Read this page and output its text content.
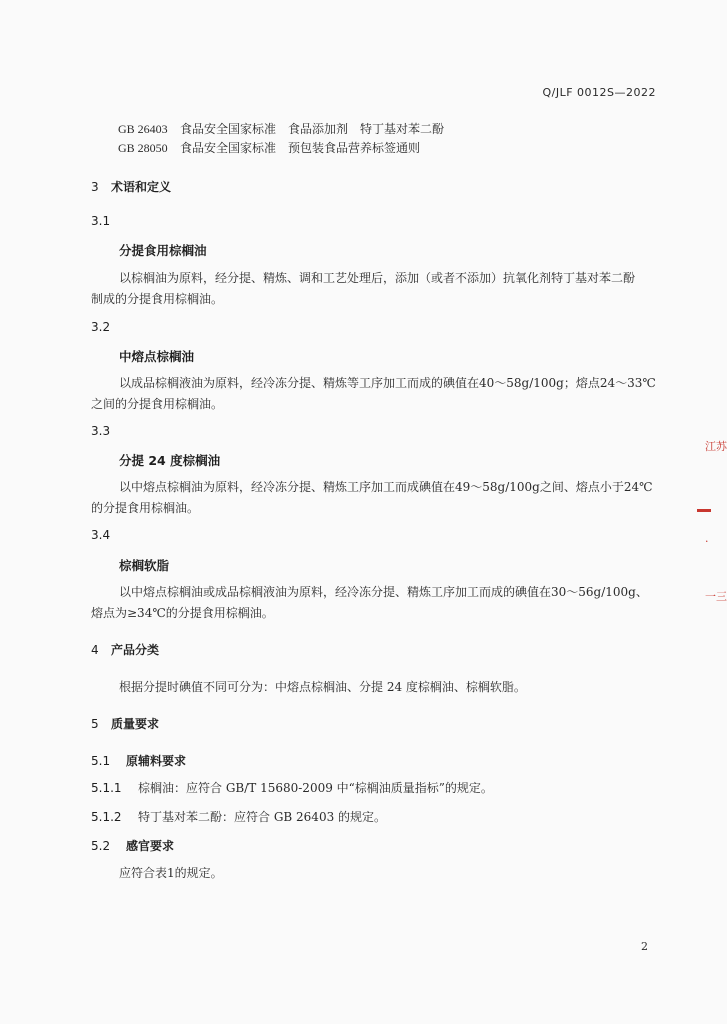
Q/JLF 0012S—2022
GB 26403 食品安全国家标准　食品添加剂　特丁基对苯二酚
GB 28050 食品安全国家标准　预包装食品营养标签通则
3 术语和定义
3.1
分提食用棕榈油
以棕榈油为原料，经分提、精炼、调和工艺处理后，添加（或者不添加）抗氧化剂特丁基对苯二酚
制成的分提食用棕榈油。
3.2
中熔点棕榈油
以成品棕榈液油为原料，经冷冻分提、精炼等工序加工而成的碘值在40～58g/100g；熔点24～33℃
之间的分提食用棕榈油。
3.3
分提 24 度棕榈油
以中熔点棕榈油为原料，经冷冻分提、精炼工序加工而成碘值在49～58g/100g之间、熔点小于24℃
的分提食用棕榈油。
3.4
棕榈软脂
以中熔点棕榈油或成品棕榈液油为原料，经冷冻分提、精炼工序加工而成的碘值在30～56g/100g、
熔点为≥34℃的分提食用棕榈油。
4 产品分类
根据分提时碘值不同可分为：中熔点棕榈油、分提 24 度棕榈油、棕榈软脂。
5 质量要求
5.1 原辅料要求
5.1.1 棕榈油：应符合 GB/T 15680-2009 中“棕榈油质量指标”的规定。
5.1.2 特丁基对苯二酚：应符合 GB 26403 的规定。
5.2 感官要求
应符合表1的规定。
2
江苏
·
一三
